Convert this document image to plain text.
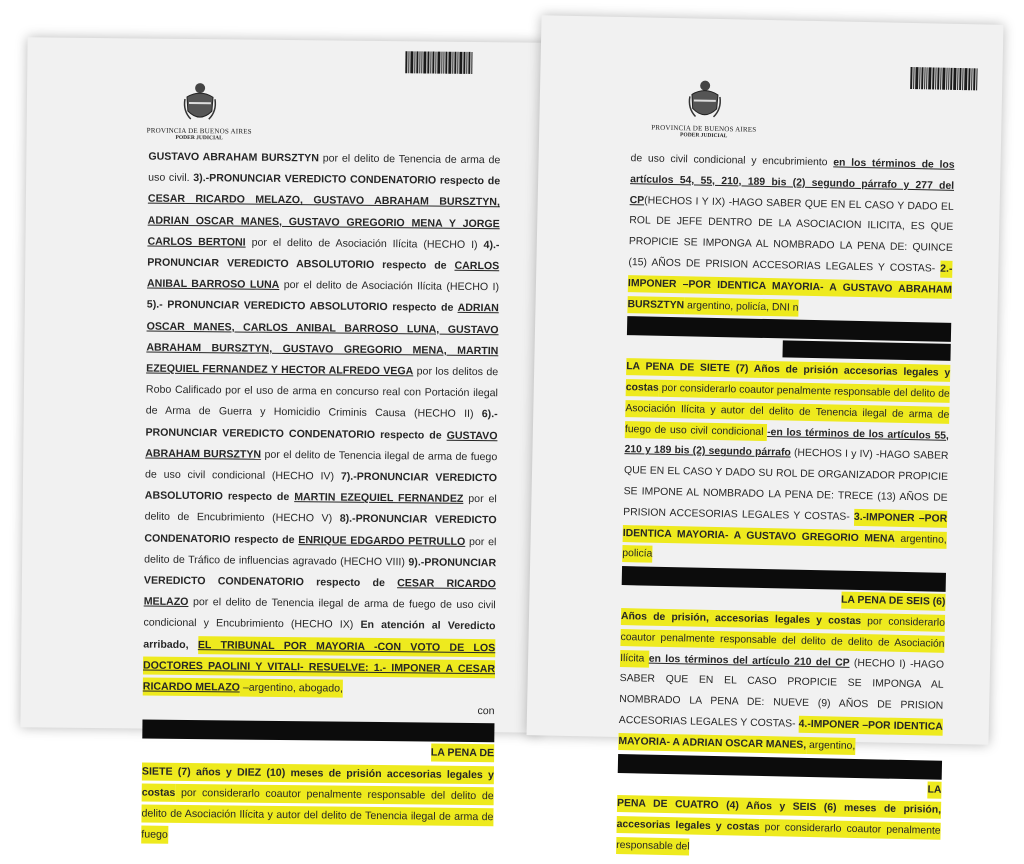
PROVINCIA DE BUENOS AIRES
PODER JUDICIAL
GUSTAVO ABRAHAM BURSZTYN por el delito de Tenencia de arma de uso civil. 3).-PRONUNCIAR VEREDICTO CONDENATORIO respecto de CESAR RICARDO MELAZO, GUSTAVO ABRAHAM BURSZTYN, ADRIAN OSCAR MANES, GUSTAVO GREGORIO MENA Y JORGE CARLOS BERTONI por el delito de Asociación Ilícita (HECHO I) 4).- PRONUNCIAR VEREDICTO ABSOLUTORIO respecto de CARLOS ANIBAL BARROSO LUNA por el delito de Asociación Ilícita (HECHO I) 5).- PRONUNCIAR VEREDICTO ABSOLUTORIO respecto de ADRIAN OSCAR MANES, CARLOS ANIBAL BARROSO LUNA, GUSTAVO ABRAHAM BURSZTYN, GUSTAVO GREGORIO MENA, MARTIN EZEQUIEL FERNANDEZ Y HECTOR ALFREDO VEGA por los delitos de Robo Calificado por el uso de arma en concurso real con Portación ilegal de Arma de Guerra y Homicidio Criminis Causa (HECHO II) 6).-PRONUNCIAR VEREDICTO CONDENATORIO respecto de GUSTAVO ABRAHAM BURSZTYN por el delito de Tenencia ilegal de arma de fuego de uso civil condicional (HECHO IV) 7).-PRONUNCIAR VEREDICTO ABSOLUTORIO respecto de MARTIN EZEQUIEL FERNANDEZ por el delito de Encubrimiento (HECHO V) 8).-PRONUNCIAR VEREDICTO CONDENATORIO respecto de ENRIQUE EDGARDO PETRULLO por el delito de Tráfico de influencias agravado (HECHO VIII) 9).-PRONUNCIAR VEREDICTO CONDENATORIO respecto de CESAR RICARDO MELAZO por el delito de Tenencia ilegal de arma de fuego de uso civil condicional y Encubrimiento (HECHO IX) En atención al Veredicto arribado, EL TRIBUNAL POR MAYORIA -CON VOTO DE LOS DOCTORES PAOLINI Y VITALI- RESUELVE: 1.- IMPONER A CESAR RICARDO MELAZO –argentino, abogado,
con
LA PENA DE
SIETE (7) años y DIEZ (10) meses de prisión accesorias legales y costas por considerarlo coautor penalmente responsable del delito de delito de Asociación Ilícita y autor del delito de Tenencia ilegal de arma de fuego
PROVINCIA DE BUENOS AIRES
PODER JUDICIAL
de uso civil condicional y encubrimiento en los términos de los artículos 54, 55, 210, 189 bis (2) segundo párrafo y 277 del CP(HECHOS I Y IX) -HAGO SABER QUE EN EL CASO Y DADO EL ROL DE JEFE DENTRO DE LA ASOCIACION ILICITA, ES QUE PROPICIE SE IMPONGA AL NOMBRADO LA PENA DE: QUINCE (15) AÑOS DE PRISION ACCESORIAS LEGALES Y COSTAS- 2.-IMPONER –POR IDENTICA MAYORIA- A GUSTAVO ABRAHAM BURSZTYN argentino, policía, DNI n
LA PENA DE SIETE (7) Años de prisión accesorias legales y costas por considerarlo coautor penalmente responsable del delito de Asociación Ilícita y autor del delito de Tenencia ilegal de arma de fuego de uso civil condicional -en los términos de los artículos 55, 210 y 189 bis (2) segundo párrafo (HECHOS I y IV) -HAGO SABER QUE EN EL CASO Y DADO SU ROL DE ORGANIZADOR PROPICIE SE IMPONE AL NOMBRADO LA PENA DE: TRECE (13) AÑOS DE PRISION ACCESORIAS LEGALES Y COSTAS- 3.-IMPONER –POR IDENTICA MAYORIA- A GUSTAVO GREGORIO MENA argentino, policía
LA PENA DE SEIS (6)
Años de prisión, accesorias legales y costas por considerarlo coautor penalmente responsable del delito de delito de Asociación Ilícita en los términos del artículo 210 del CP (HECHO I) -HAGO SABER QUE EN EL CASO PROPICIE SE IMPONGA AL NOMBRADO LA PENA DE: NUEVE (9) AÑOS DE PRISION ACCESORIAS LEGALES Y COSTAS- 4.-IMPONER –POR IDENTICA MAYORIA- A ADRIAN OSCAR MANES, argentino,
LA
PENA DE CUATRO (4) Años y SEIS (6) meses de prisión, accesorias legales y costas por considerarlo coautor penalmente responsable del
